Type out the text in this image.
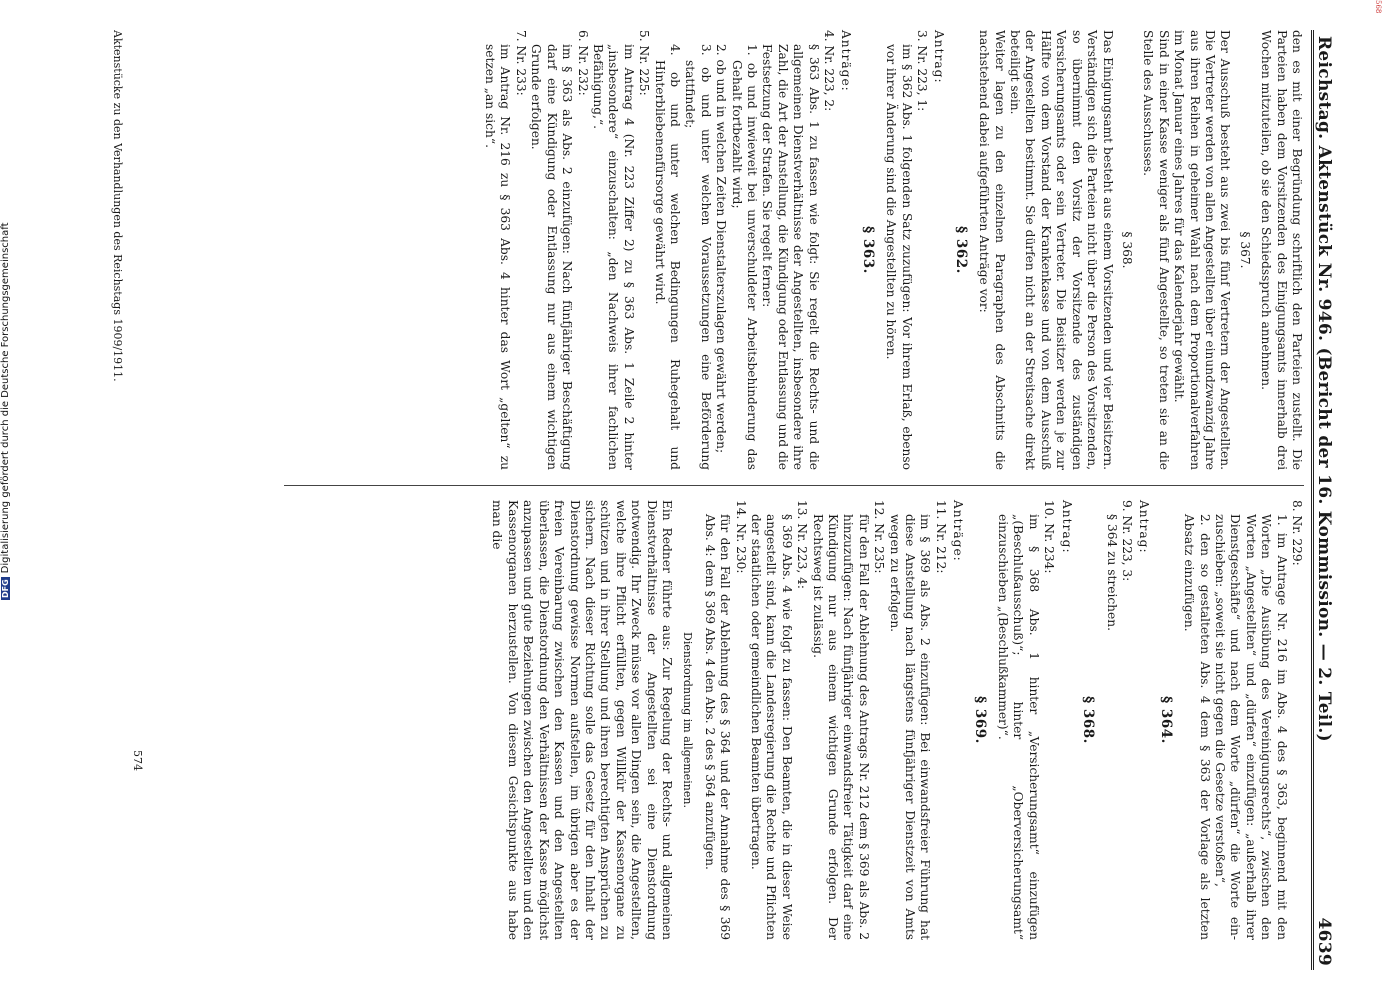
568
Reichstag. Aktenstück Nr. 946. (Bericht der 16. Kommission. — 2. Teil.)
4639
den es mit einer Begründung schriftlich den Parteien zustellt. Die Parteien haben dem Vorsitzenden des Einigungsamts innerhalb drei Wochen mitzuteilen, ob sie den Schiedsspruch annehmen.
§ 367.
Der Ausschuß besteht aus zwei bis fünf Vertretern der Angestellten. Die Vertreter werden von allen Angestellten über einundzwanzig Jahre aus ihren Reihen in geheimer Wahl nach dem Proportionalverfahren im Monat Januar eines Jahres für das Kalenderjahr gewählt.
Sind in einer Kasse weniger als fünf Angestellte, so treten sie an die Stelle des Ausschusses.
§ 368.
Das Einigungsamt besteht aus einem Vorsitzenden und vier Beisitzern. Verständigen sich die Parteien nicht über die Person des Vorsitzenden, so übernimmt den Vorsitz der Vorsitzende des zuständigen Versicherungsamts oder sein Vertreter. Die Beisitzer werden je zur Hälfte von dem Vorstand der Krankenkasse und von dem Ausschuß der Angestellten bestimmt. Sie dürfen nicht an der Streitsache direkt beteiligt sein.
Weiter lagen zu den einzelnen Paragraphen des Abschnitts die nachstehend dabei aufgeführten Anträge vor:
§ 362.
Antrag:
3. Nr. 223, 1:
im § 362 Abs. 1 folgenden Satz zuzufügen: Vor ihrem Erlaß, ebenso vor ihrer Änderung sind die Angestellten zu hören.
§ 363.
Anträge:
4. Nr. 223, 2:
§ 363 Abs. 1 zu fassen wie folgt: Sie regelt die Rechts- und die allgemeinen Dienstverhältnisse der Angestellten, insbesondere ihre Zahl, die Art der Anstellung, die Kündigung oder Entlassung und die Festsetzung der Strafen. Sie regelt ferner:
1. ob und inwieweit bei unverschuldeter Arbeitsbehinderung das Gehalt fortbezahlt wird;
2. ob und in welchen Zeiten Dienstalterszulagen gewährt werden;
3. ob und unter welchen Voraussetzungen eine Beförderung stattfindet;
4. ob und unter welchen Bedingungen Ruhegehalt und Hinterbliebenenfürsorge gewährt wird.
5. Nr. 225:
im Antrag 4 (Nr. 223 Ziffer 2) zu § 363 Abs. 1 Zeile 2 hinter „insbesondere“ einzuschalten: „den Nachweis ihrer fachlichen Befähigung,“.
6. Nr. 232:
im § 363 als Abs. 2 einzufügen: Nach fünfjähriger Beschäftigung darf eine Kündigung oder Entlassung nur aus einem wichtigen Grunde erfolgen.
7. Nr. 233:
im Antrag Nr. 216 zu § 363 Abs. 4 hinter das Wort „gelten“ zu setzen „an sich“.
8. Nr. 229:
1. im Antrage Nr. 216 im Abs. 4 des § 363, beginnend mit den Worten „Die Ausübung des Vereinigungsrechts“, zwischen den Worten „Angestellten“ und „dürfen“ einzufügen: „außerhalb ihrer Dienstgeschäfte“ und nach dem Worte „dürfen“ die Worte einzuschieben: „soweit sie nicht gegen die Gesetze verstoßen“,
2. den so gestalteten Abs. 4 dem § 363 der Vorlage als letzten Absatz einzufügen.
§ 364.
Antrag:
9. Nr. 223, 3:
§ 364 zu streichen.
§ 368.
Antrag:
10. Nr. 234:
im § 368 Abs. 1 hinter „Versicherungsamt“ einzufügen „(Beschlußausschuß)“; hinter „Oberversicherungsamt“ einzuschieben „(Beschlußkammer)“.
§ 369.
Anträge:
11. Nr. 212:
im § 369 als Abs. 2 einzufügen: Bei einwandsfreier Führung hat diese Anstellung nach längstens fünfjähriger Dienstzeit von Amts wegen zu erfolgen.
12. Nr. 235:
für den Fall der Ablehnung des Antrags Nr. 212 dem § 369 als Abs. 2 hinzuzufügen: Nach fünfjähriger einwandsfreier Tätigkeit darf eine Kündigung nur aus einem wichtigen Grunde erfolgen. Der Rechtsweg ist zulässig.
13. Nr. 223, 4:
§ 369 Abs. 4 wie folgt zu fassen: Den Beamten, die in dieser Weise angestellt sind, kann die Landesregierung die Rechte und Pflichten der staatlichen oder gemeindlichen Beamten übertragen.
14. Nr. 230:
für den Fall der Ablehnung des § 364 und der Annahme des § 369 Abs. 4: dem § 369 Abs. 4 den Abs. 2 des § 364 anzufügen.
Dienstordnung im allgemeinen.
Ein Redner führte aus: Zur Regelung der Rechts- und allgemeinen Dienstverhältnisse der Angestellten sei eine Dienstordnung notwendig. Ihr Zweck müsse vor allen Dingen sein, die Angestellten, welche ihre Pflicht erfüllten, gegen Willkür der Kassenorgane zu schützen und in ihrer Stellung und ihren berechtigten Ansprüchen zu sichern. Nach dieser Richtung solle das Gesetz für den Inhalt der Dienstordnung gewisse Normen aufstellen, im übrigen aber es der freien Vereinbarung zwischen den Kassen und den Angestellten überlassen, die Dienstordnung den Verhältnissen der Kasse möglichst anzupassen und gute Beziehungen zwischen den Angestellten und den Kassenorganen herzustellen. Von diesem Gesichtspunkte aus habe man die
Aktenstücke zu den Verhandlungen des Reichstags 1909/1911.
574
DFGDigitalisierung gefördert durch die Deutsche Forschungsgemeinschaft
